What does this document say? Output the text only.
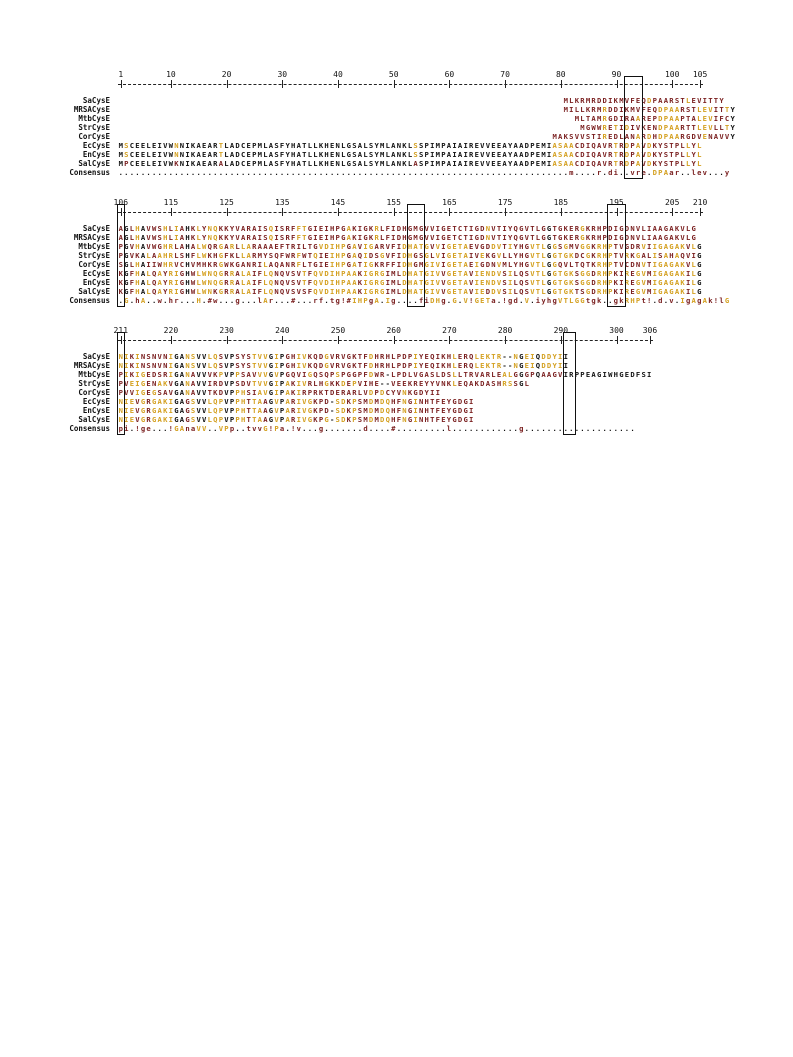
1	10	20	30	40	50	60	70	80	90	100 105
SaCysE	MLKRMRDDIKMVFEQDPAARSTLEVITTY
MRSACysE	MILLKRMRDDIKMVFEQDPAARSTLEVITTY
MtbCysE	MLTAMRGDIRAAREPDPAAPTALEVIFCY
StrCysE	MGWWRETIDIVKENDPAARTTLEVLLTY
CorCysE	MAKSVVSTIREDLANARDHDPAARGDVENAVVY
EcCysE MSCEELEIVWNNIKAEARTLADCEPMLASFYHATLLKHENLGSALSYMLANKLSSPIMPAIAIREVVEEAYAADPEMIASAACDIQAVRTRDPAVDKYSTPLLYL
EnCysE MSCEELEIVWNNIKAEARTLADCEPMLASFYHATLLKHENLGSALSYMLANKLSSPIMPAIAIREVVEEAYAADPEMIASAACDIQAVRTRDPAVDKYSTPLLYL
SalCysE MPCEELEIVWKNIKAEARALADCEPMLASFYHATLLKHENLGSALSYMLANKLASPIMPAIAIREVVEEAYAADPEMIASAACDIQAVRTRDPAVDKYSTPLLYL
Consensus .................................................................................m....r.di..vre.DPAar..lev...y
106	115	125	135	145	155	165	175	185	195	205 210
SaCysE AGLHAVWSHLIAHKLYNQKKYVARAISQISRFFTGIEIHPGAKIGKRLFIDHGMGVVIGETCTIGDNVTIYQGVTLGGTGKERGKRHPDIGDNVLIAAGAKVLG
MRSACysE AGLHAVWSHLIAHKLYNQKKYVARAISQISRFFTGIEIHPGAKIGKRLFIDHGMGVVIGETCTIGDNVTIYQGVTLGGTGKERGKRHPDIGDNVLIAAGAKVLG
MtbCysE PGVHAVWGHRLAHALWQRGARLLARAAAEFTRILTGVDIHPGAVIGARVFIDHATGVVIGETAEVGDDVTIYHGVTLGGSGMVGGKRHPTVGDRVIIGAGAKVLG
StrCysE PGVKALAAHRLSHFLWKHGFKLLARMYSQFWRFWTQIEIHPGAQIDSGVFIDHGSGLVIGETAIVEKGVLLYHGVTLGGTGKDCGKRHPTVRKGALISAHAQVIG
CorCysE SGLHAIIWHRVCHVMHKRGWKGANRILAQANRFLTGIEIHPGATIGKRFFIDHGMGIVIGETAEIGDNVMLYHGVTLGGQVLTQTKRHPTVCDNVTIGAGAKVLG
EcCysE KGFHALQAYRIGHWLWNQGRRALAIFLQNQVSVTFQVDIHPAAKIGRGIMLDHATGIVVGETAVIENDVSILQSVTLGGTGKSGGDRHPKIREGVMIGAGAKILG
EnCysE KGFHALQAYRIGHWLWNQGRRALAIFLQNQVSVTFQVDIHPAAKIGRGIMLDHATGIVVGETAVIENDVSILQSVTLGGTGKSGGDRHPKIREGVMIGAGAKILG
SalCysE KGFHALQAYRIGHWLWNKGRRALAIFLQNQVSVSFQVDIHPAAKIGRGIMLDHATGIVVGETAVIEDDVSILQSVTLGGTGKTSGDRHPKIREGVMIGAGAKILG
Consensus .G.hA..w.hr...H.#w...g...lAr...#...rf.tg!#IHPgA.Ig....fiDHg.G.V!GETa.!gd.V.iyhgVTLGGtgk..gkRHPt!.d.v.IgAgAk!lG
211	220	230	240	250	260	270	280	290	300 306
SaCysE NIKINSNVNIGANSVVLQSVPSYSTVVGIPGHIVKQDGVRVGKTFDHRHLPDPIYEQIKHLERQLEKTR--NGEIQDDYII
MRSACysE NIKINSNVNIGANSVVLQSVPSYSTVVGIPGHIVKQDGVRVGKTFDHRHLPDPIYEQIKHLERQLEKTR--NGEIQDDYII
MtbCysE PIKIGEDSRIGANAVVVKPVPPSAVVVGVPGQVIGQSQPSPGGPFDWR-LPDLVGASLDSLLTRVARLEALGGGPQAAGVIRPPEAGIWHGEDFSI
StrCysE PVEIGENAKVGANAVVIRDVPSDVTVVGIPAKIVRLHGKKDEPVIHE--VEEKREYYVNKLEQAKDASHRSSGL
CorCysE PVVIGEGSAVGANAVVTKDVPPHSIAVGIPAKIRPRKTDERARLVDPDCYVNKGDYII
EcCysE NIEVGRGAKIGAGSVVLQPVPPHTTAAGVPARIVGKPD-SDKPSMDMDQHFNGINHTFEYGDGI
EnCysE NIEVGRGAKIGAGSVVLQPVPPHTTAAGVPARIVGKPD-SDKPSMDMDQHFNGINHTFEYGDGI
SalCysE NIEVGRGAKIGAGSVVLQPVPPHTTAAGVPARIVGKPG-SDKPSMDMDQHFNGINHTFEYGDGI
Consensus pi.!ge...!GAnaVV..VPp..tvvG!Pa.!v...g.......d....#.........l............g....................
